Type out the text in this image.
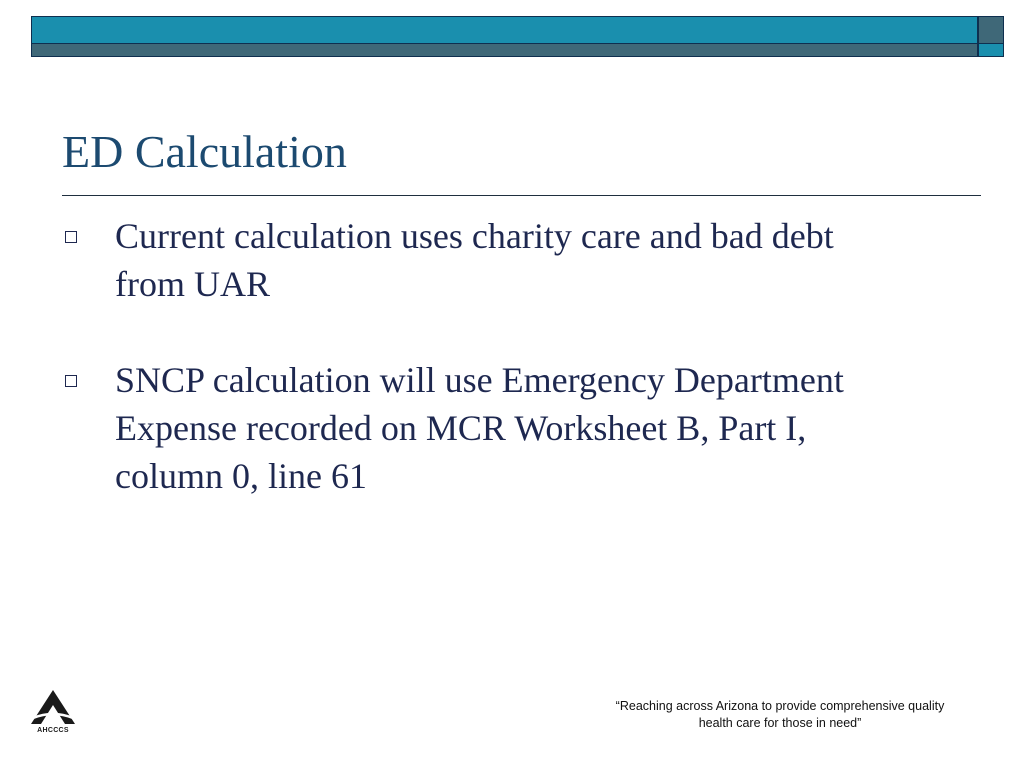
ED Calculation
Current calculation uses charity care and bad debt
from UAR
SNCP calculation will use Emergency Department
Expense recorded on MCR Worksheet B, Part I,
column 0, line 61
AHCCCS

“Reaching across Arizona to provide comprehensive quality
health care for those in need”
